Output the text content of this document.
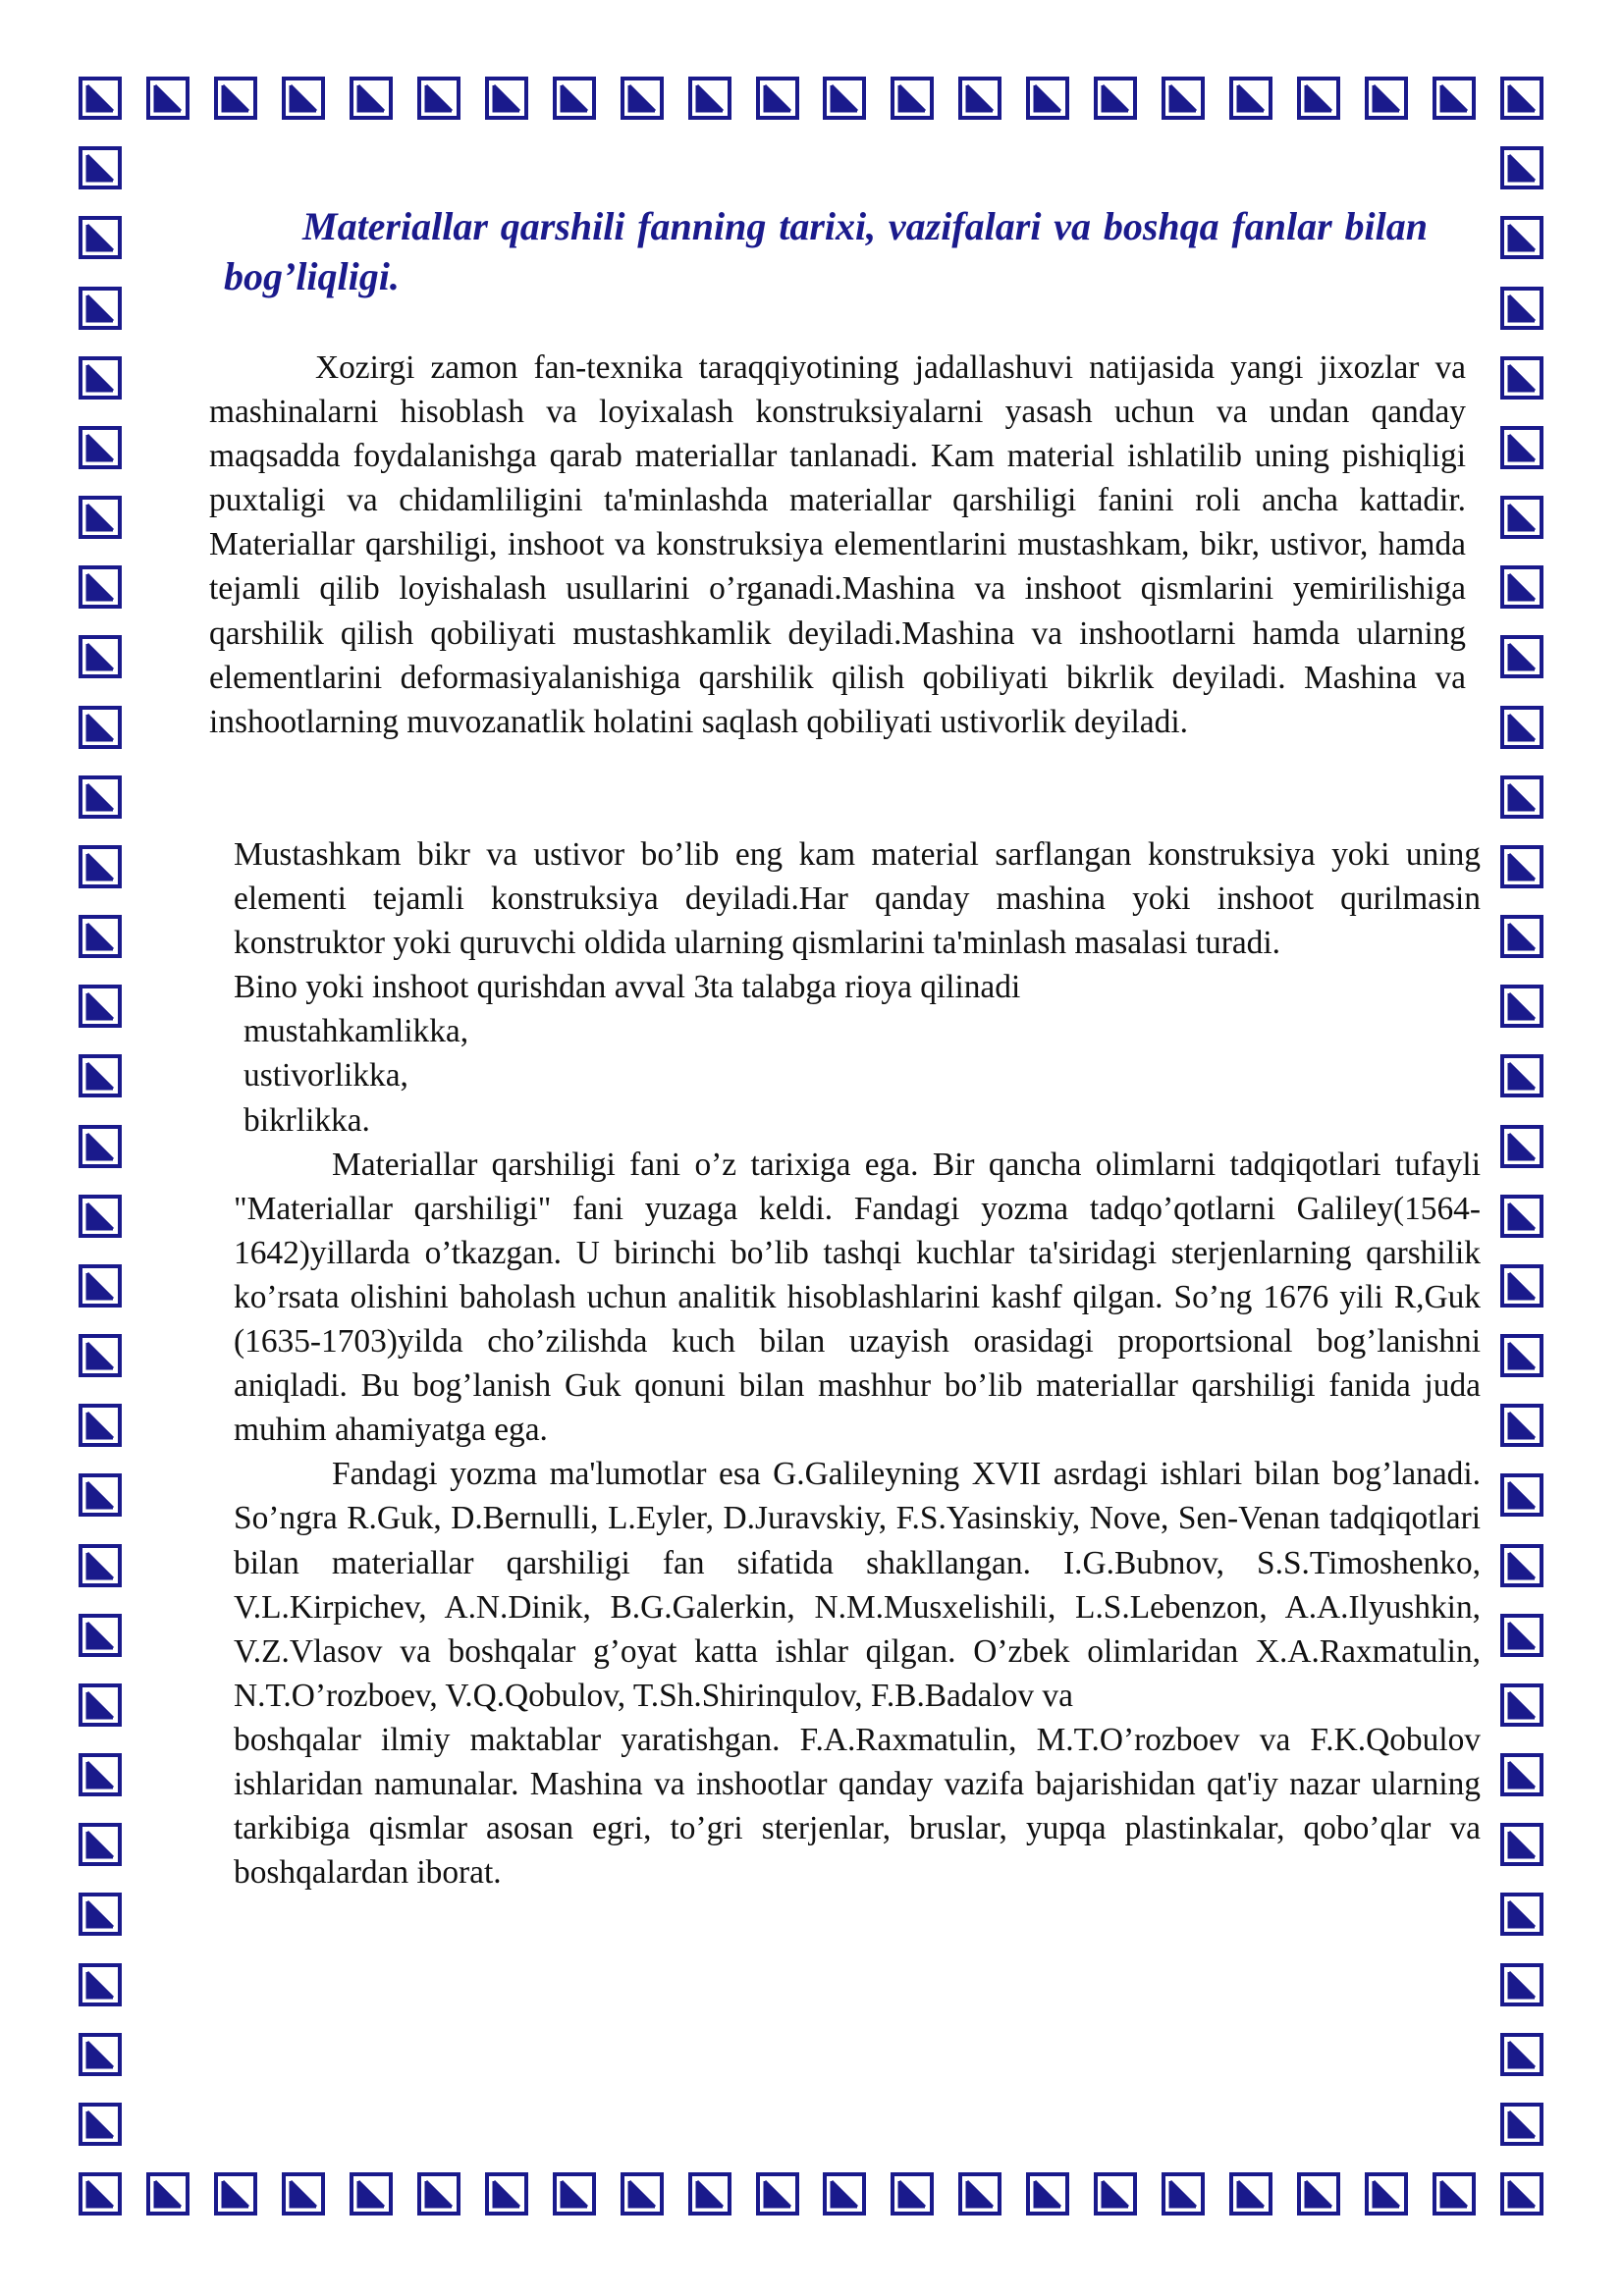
Materiallar qarshili fanning tarixi, vazifalari va boshqa fanlar bilan bog’liqligi.

Xozirgi zamon fan-texnika taraqqiyotining jadallashuvi natijasida yangi jixozlar va mashinalarni hisoblash va loyixalash konstruksiyalarni yasash uchun va undan qanday maqsadda foydalanishga qarab materiallar tanlanadi. Kam material ishlatilib uning pishiqligi puxtaligi va chidamliligini ta'minlashda materiallar qarshiligi fanini roli ancha kattadir. Materiallar qarshiligi, inshoot va konstruksiya elementlarini mustashkam, bikr, ustivor, hamda tejamli qilib loyishalash usullarini o’rganadi.Mashina va inshoot qismlarini yemirilishiga qarshilik qilish qobiliyati mustashkamlik deyiladi.Mashina va inshootlarni hamda ularning elementlarini deformasiyalanishiga qarshilik qilish qobiliyati bikrlik deyiladi. Mashina va inshootlarning muvozanatlik holatini saqlash qobiliyati ustivorlik deyiladi.

Mustashkam bikr va ustivor bo’lib eng kam material sarflangan konstruksiya yoki uning elementi tejamli konstruksiya deyiladi.Har qanday mashina yoki inshoot qurilmasin konstruktor yoki quruvchi oldida ularning qismlarini ta'minlash masalasi turadi.

Bino yoki inshoot qurishdan avval 3ta talabga rioya qilinadi

mustahkamlikka,

ustivorlikka,

bikrlikka.

Materiallar qarshiligi fani o’z tarixiga ega. Bir qancha olimlarni tadqiqotlari tufayli "Materiallar qarshiligi" fani yuzaga keldi. Fandagi yozma tadqo’qotlarni Galiley(1564-1642)yillarda o’tkazgan. U birinchi bo’lib tashqi kuchlar ta'siridagi sterjenlarning qarshilik ko’rsata olishini baholash uchun analitik hisoblashlarini kashf qilgan. So’ng 1676 yili R,Guk (1635-1703)yilda cho’zilishda kuch bilan uzayish orasidagi proportsional bog’lanishni aniqladi. Bu bog’lanish Guk qonuni bilan mashhur bo’lib materiallar qarshiligi fanida juda muhim ahamiyatga ega.

Fandagi yozma ma'lumotlar esa G.Galileyning XVII asrdagi ishlari bilan bog’lanadi. So’ngra R.Guk, D.Bernulli, L.Eyler, D.Juravskiy, F.S.Yasinskiy, Nove, Sen-Venan tadqiqotlari bilan materiallar qarshiligi fan sifatida shakllangan. I.G.Bubnov, S.S.Timoshenko, V.L.Kirpichev, A.N.Dinik, B.G.Galerkin, N.M.Musxelishili, L.S.Lebenzon, A.A.Ilyushkin, V.Z.Vlasov va boshqalar g’oyat katta ishlar qilgan. O’zbek olimlaridan X.A.Raxmatulin, N.T.O’rozboev, V.Q.Qobulov, T.Sh.Shirinqulov, F.B.Badalov va

boshqalar ilmiy maktablar yaratishgan. F.A.Raxmatulin, M.T.O’rozboev va F.K.Qobulov ishlaridan namunalar. Mashina va inshootlar qanday vazifa bajarishidan qat'iy nazar ularning tarkibiga qismlar asosan egri, to’gri sterjenlar, bruslar, yupqa plastinkalar, qobo’qlar va boshqalardan iborat.
